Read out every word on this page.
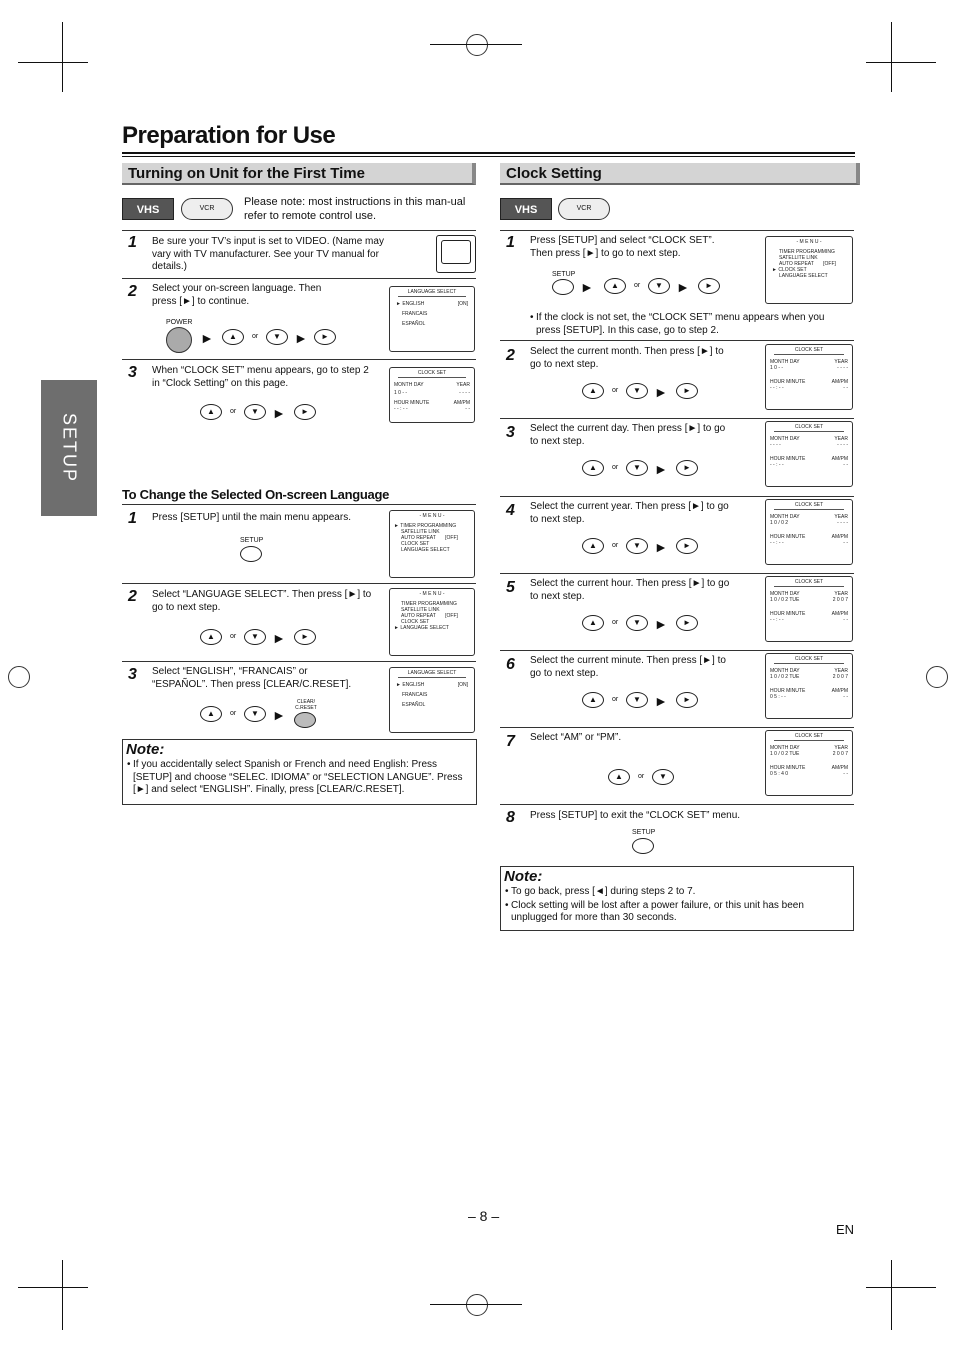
Preparation for Use
SETUP
Turning on Unit for the First Time
VHS	VCR
Please note: most instructions in this man-ual refer to remote control use.
1 Be sure your TV’s input is set to VIDEO. (Name may vary with TV manufacturer. See your TV manual for details.)
2 Select your on-screen language. Then press [►] to continue.
POWER
►	▲	or	▼ ►	►
LANGUAGE SELECT
► ENGLISH	[ON]
FRANCAIS
ESPAÑOL
3 When “CLOCK SET” menu appears, go to step 2 in “Clock Setting” on this page.
▲	or	▼ ►	►
CLOCK SET
MONTH DAY	YEAR
1 0 - -	- - - -
HOUR MINUTE	AM/PM
- - : - -	- -
To Change the Selected On-screen Language
1 Press [SETUP] until the main menu appears.
SETUP
- M E N U -
► TIMER PROGRAMMING
SATELLITE LINK
AUTO REPEAT [OFF]
CLOCK SET
LANGUAGE SELECT
2 Select “LANGUAGE SELECT”. Then press [►] to go to next step.
▲	or	▼ ►	►
- M E N U -
TIMER PROGRAMMING
SATELLITE LINK
AUTO REPEAT [OFF]
CLOCK SET
► LANGUAGE SELECT
3 Select “ENGLISH”, “FRANCAIS” or “ESPAÑOL”. Then press [CLEAR/C.RESET].
▲	or	▼ ►
CLEAR/ C.RESET
LANGUAGE SELECT
► ENGLISH	[ON]
FRANCAIS
ESPAÑOL
Note:
• If you accidentally select Spanish or French and need English: Press [SETUP] and choose “SELEC. IDIOMA” or “SELECTION LANGUE”. Press [►] and select “ENGLISH”. Finally, press [CLEAR/C.RESET].
Clock Setting
VHS	VCR
1 Press [SETUP] and select “CLOCK SET”. Then press [►] to go to next step.
SETUP
►	▲	or	▼ ►	►
- M E N U -
TIMER PROGRAMMING
SATELLITE LINK
AUTO REPEAT [OFF]
► CLOCK SET
LANGUAGE SELECT
• If the clock is not set, the “CLOCK SET” menu appears when you press [SETUP]. In this case, go to step 2.
2 Select the current month. Then press [►] to go to next step.
▲	or	▼ ►	►
CLOCK SET
MONTH DAY	YEAR
1 0 - -	- - - -
HOUR MINUTE	AM/PM
- - : - -	- -
3 Select the current day. Then press [►] to go to next step.
▲	or	▼ ►	►
CLOCK SET
MONTH DAY	YEAR
- - - -	- - - -
HOUR MINUTE	AM/PM
- - : - -	- -
4 Select the current year. Then press [►] to go to next step.
▲	or	▼ ►	►
CLOCK SET
MONTH DAY	YEAR
1 0 / 0 2	- - - -
HOUR MINUTE	AM/PM
- - : - -	- -
5 Select the current hour. Then press [►] to go to next step.
▲	or	▼ ►	►
CLOCK SET
MONTH DAY	YEAR
1 0 / 0 2 TUE	2 0 0 7
HOUR MINUTE	AM/PM
- - : - -	- -
6 Select the current minute. Then press [►] to go to next step.
▲	or	▼ ►	►
CLOCK SET
MONTH DAY	YEAR
1 0 / 0 2 TUE	2 0 0 7
HOUR MINUTE	AM/PM
0 5 : - -	- -
7 Select “AM” or “PM”.
▲	or	▼
CLOCK SET
MONTH DAY	YEAR
1 0 / 0 2 TUE	2 0 0 7
HOUR MINUTE	AM/PM
0 5 : 4 0	- -
8 Press [SETUP] to exit the “CLOCK SET” menu.
SETUP
Note:
• To go back, press [◄] during steps 2 to 7.
• Clock setting will be lost after a power failure, or this unit has been unplugged for more than 30 seconds.
– 8 –
EN
